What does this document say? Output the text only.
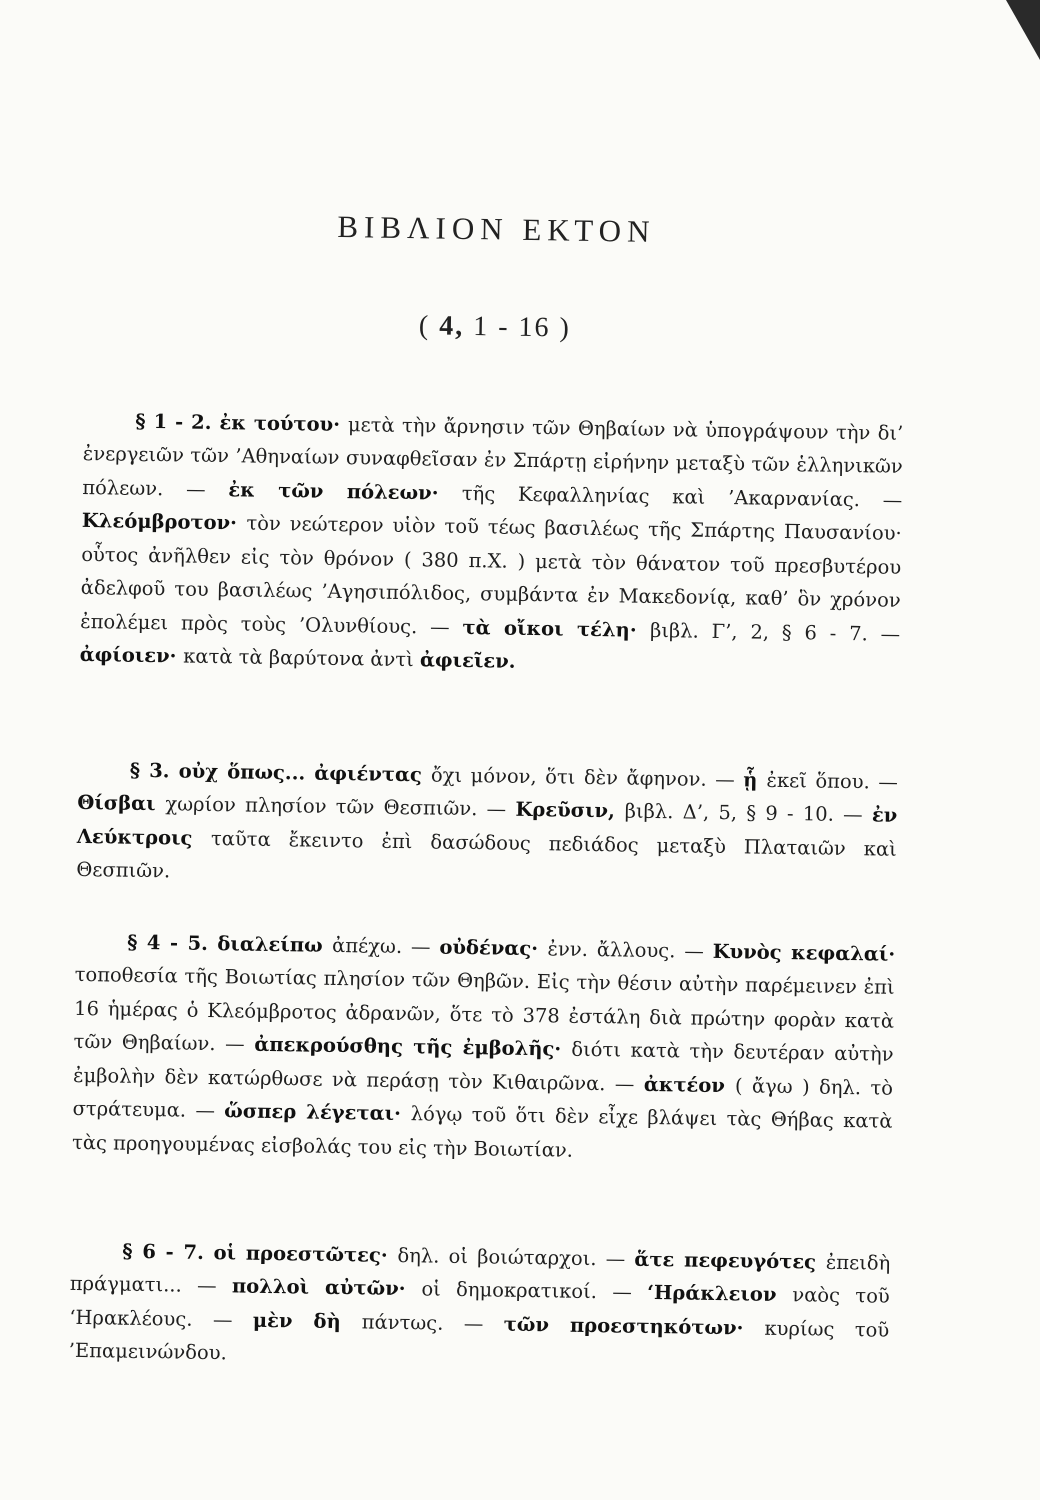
ΒΙΒΛΙΟΝ ΕΚΤΟΝ
( 4, 1 - 16 )

§ 1 - 2. ἐκ τούτου· μετὰ τὴν ἄρνησιν τῶν Θηβαίων νὰ ὑπογράψουν τὴν δι’ ἐνεργειῶν τῶν ’Αθηναίων συναφθεῖσαν ἐν Σπάρτῃ εἰρήνην μεταξὺ τῶν ἑλληνικῶν πόλεων. — ἐκ τῶν πόλεων· τῆς Κεφαλληνίας καὶ ’Ακαρνανίας. — Κλεόμβροτον· τὸν νεώτερον υἱὸν τοῦ τέως βασιλέως τῆς Σπάρτης Παυσανίου· οὗτος ἀνῆλθεν εἰς τὸν θρόνον ( 380 π.Χ. ) μετὰ τὸν θάνατον τοῦ πρεσβυτέρου ἀδελφοῦ του βασιλέως ’Αγησιπόλιδος, συμβάντα ἐν Μακεδονίᾳ, καθ’ ὃν χρόνον ἐπολέμει πρὸς τοὺς ’Ολυνθίους. — τὰ οἴκοι τέλη· βιβλ. Γ’, 2, § 6 - 7. — ἀφίοιεν· κατὰ τὰ βαρύτονα ἀντὶ ἀφιεῖεν.

§ 3. οὐχ ὅπως... ἀφιέντας ὄχι μόνον, ὅτι δὲν ἄφηνον. — ᾗ ἐκεῖ ὅπου. — Θίσβαι χωρίον πλησίον τῶν Θεσπιῶν. — Κρεῦσιν, βιβλ. Δ’, 5, § 9 - 10. — ἐν Λεύκτροις ταῦτα ἔκειντο ἐπὶ δασώδους πεδιάδος μεταξὺ Πλαταιῶν καὶ Θεσπιῶν.

§ 4 - 5. διαλείπω ἀπέχω. — οὐδένας· ἐνν. ἄλλους. — Κυνὸς κεφαλαί· τοποθεσία τῆς Βοιωτίας πλησίον τῶν Θηβῶν. Εἰς τὴν θέσιν αὐτὴν παρέμεινεν ἐπὶ 16 ἡμέρας ὁ Κλεόμβροτος ἀδρανῶν, ὅτε τὸ 378 ἐστάλη διὰ πρώτην φορὰν κατὰ τῶν Θηβαίων. — ἀπεκρούσθης τῆς ἐμβολῆς· διότι κατὰ τὴν δευτέραν αὐτὴν ἐμβολὴν δὲν κατώρθωσε νὰ περάσῃ τὸν Κιθαιρῶνα. — ἀκτέον ( ἄγω ) δηλ. τὸ στράτευμα. — ὥσπερ λέγεται· λόγῳ τοῦ ὅτι δὲν εἶχε βλάψει τὰς Θήβας κατὰ τὰς προηγουμένας εἰσβολάς του εἰς τὴν Βοιωτίαν.

§ 6 - 7. οἱ προεστῶτες· δηλ. οἱ βοιώταρχοι. — ἅτε πεφευγότες ἐπειδὴ πράγματι... — πολλοὶ αὐτῶν· οἱ δημοκρατικοί. — ‘Ηράκλειον ναὸς τοῦ ‘Ηρακλέους. — μὲν δὴ πάντως. — τῶν προεστηκότων· κυρίως τοῦ ’Επαμεινώνδου.
